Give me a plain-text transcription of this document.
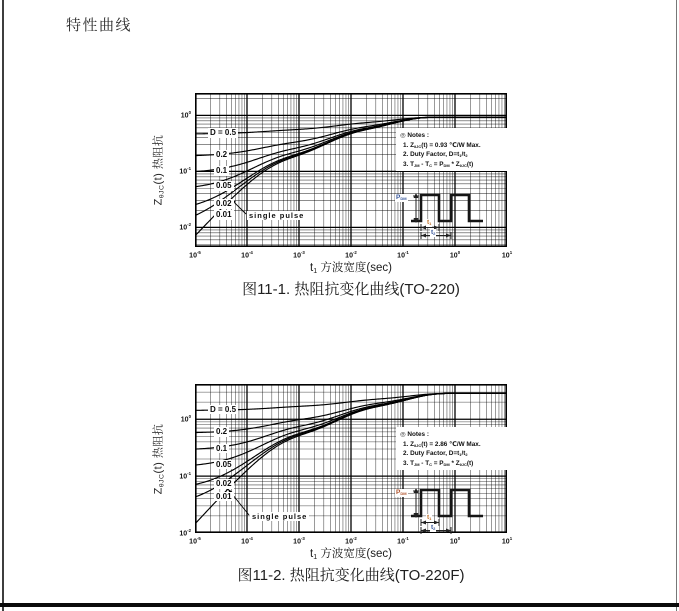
特性曲线
$Z_{\theta JC}(t)$ 热阻抗
$10^0$
$10^{-1}$
$10^{-2}$
$10^{-5}$	$10^{-4}$	$10^{-3}$	$10^{-2}$	$10^{-1}$	$10^0$	$10^1$
D = 0.5
0.2
0.1
0.05
0.02
0.01 single pulse
◎ Notes :
1. $Z_{\theta JC}(t) = 0.93$ ℃/W Max.
2. Duty Factor, $D=t_1/t_2$
3. $T_{JM} - T_C = P_{DM} * Z_{\theta JC}(t)$
$P_{DM}$
$t_1$
$t_2$
$t_1$ 方波宽度(sec)
图11-1. 热阻抗变化曲线(TO-220)
$Z_{\theta JC}(t)$ 热阻抗
$10^0$
$10^{-1}$
$10^{-2}$
$10^{-5}$	$10^{-4}$	$10^{-3}$	$10^{-2}$	$10^{-1}$	$10^0$	$10^1$
D = 0.5
0.2
0.1
0.05
0.02
0.01
single pulse
◎ Notes :
1. $Z_{\theta JC}(t) = 2.86$ ℃/W Max.
2. Duty Factor, $D=t_1/t_2$
3. $T_{JM} - T_C = P_{DM} * Z_{\theta JC}(t)$
$P_{DM}$
$t_1$
$t_2$
$t_1$ 方波宽度(sec)
图11-2. 热阻抗变化曲线(TO-220F)
